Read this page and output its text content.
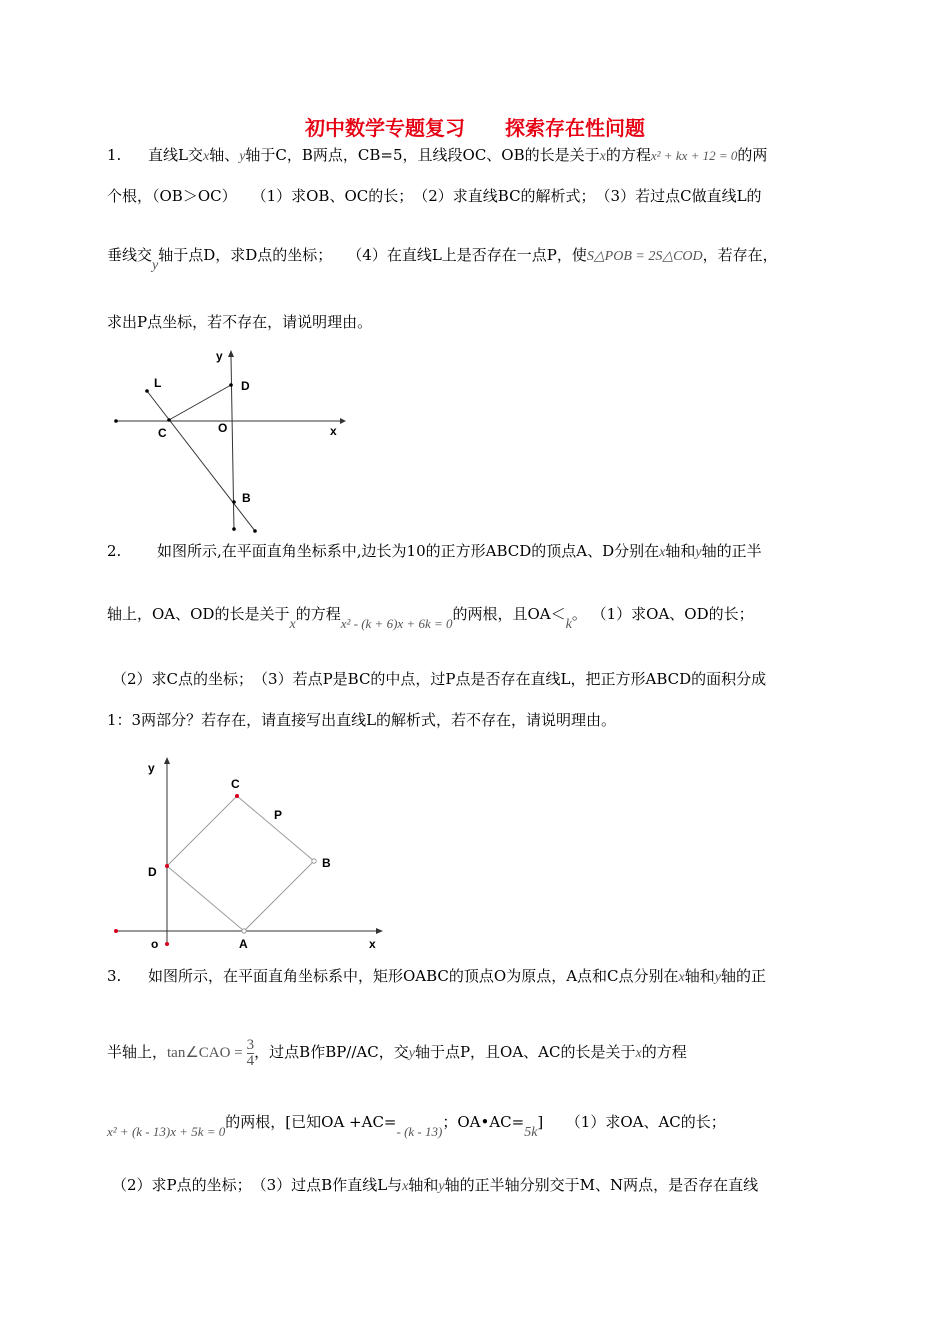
初中数学专题复习　　探索存在性问题
1. 直线L交x轴、y轴于C，B两点，CB=5，且线段OC、OB的长是关于x的方程x² + kx + 12 = 0的两
个根，（OB＞OC）　　（1）求OB、OC的长；　（2）求直线BC的解析式；　（3）若过点C做直线L的
垂线交y轴于点D，求D点的坐标；　　（4）在直线L上是否存在一点P，使S△POB = 2S△COD，若存在，
求出P点坐标，若不存在，请说明理由。
y
L	D
C	O	x
B
2. 如图所示,在平面直角坐标系中,边长为10的正方形ABCD的顶点A、D分别在x轴和y轴的正半
轴上，OA、OD的长是关于x的方程x² - (k + 6)x + 6k = 0的两根，且OA＜k。 （1）求OA、OD的长；
（2）求C点的坐标；　（3）若点P是BC的中点，过P点是否存在直线L，把正方形ABCD的面积分成
1：3两部分？若存在，请直接写出直线L的解析式，若不存在，请说明理由。
y
C
P
D
B
o	A	x
3. 如图所示，在平面直角坐标系中，矩形OABC的顶点O为原点，A点和C点分别在x轴和y轴的正
半轴上，tan∠CAO = $\frac{3}{4}$ ，过点B作BP//AC，交y轴于点P，且OA、AC的长是关于x的方程
x² + (k - 13)x + 5k = 0的两根，[已知OA +AC=- (k - 13)；OA•AC=5k]　　（1）求OA、AC的长；
（2）求P点的坐标；　（3）过点B作直线L与x轴和y轴的正半轴分别交于M、N两点，是否存在直线
